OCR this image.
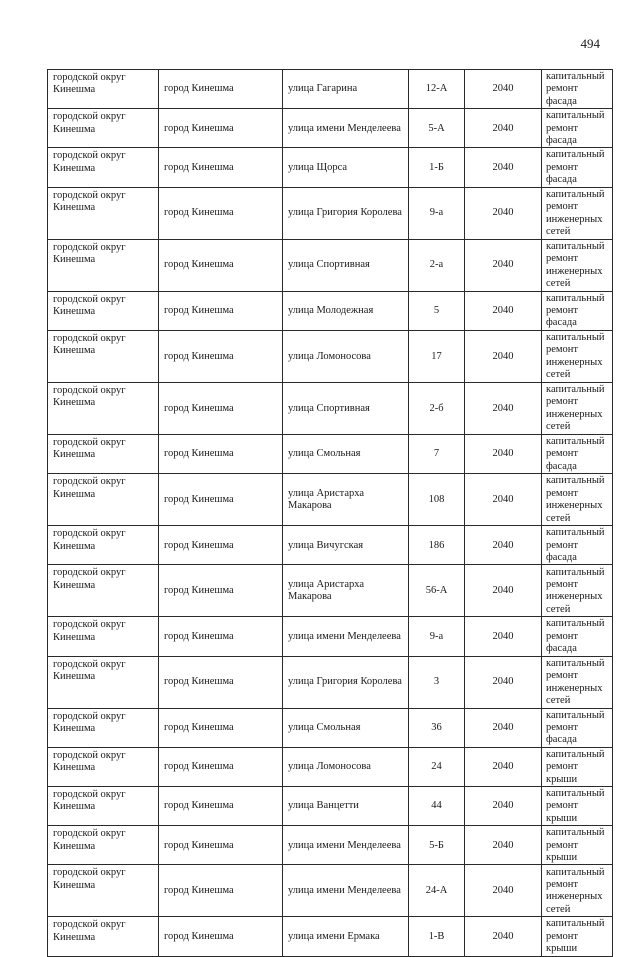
494
городской округ Кинешма	город Кинешма	улица Гагарина	12-А	2040	капитальный ремонт фасада
городской округ Кинешма	город Кинешма	улица имени Менделеева	5-А	2040	капитальный ремонт фасада
городской округ Кинешма	город Кинешма	улица Щорса	1-Б	2040	капитальный ремонт фасада
городской округ Кинешма	город Кинешма	улица Григория Королева	9-а	2040	капитальный ремонт инженерных сетей
городской округ Кинешма	город Кинешма	улица Спортивная	2-а	2040	капитальный ремонт инженерных сетей
городской округ Кинешма	город Кинешма	улица Молодежная	5	2040	капитальный ремонт фасада
городской округ Кинешма	город Кинешма	улица Ломоносова	17	2040	капитальный ремонт инженерных сетей
городской округ Кинешма	город Кинешма	улица Спортивная	2-б	2040	капитальный ремонт инженерных сетей
городской округ Кинешма	город Кинешма	улица Смольная	7	2040	капитальный ремонт фасада
городской округ Кинешма	город Кинешма	улица Аристарха Макарова	108	2040	капитальный ремонт инженерных сетей
городской округ Кинешма	город Кинешма	улица Вичугская	186	2040	капитальный ремонт фасада
городской округ Кинешма	город Кинешма	улица Аристарха Макарова	56-А	2040	капитальный ремонт инженерных сетей
городской округ Кинешма	город Кинешма	улица имени Менделеева	9-а	2040	капитальный ремонт фасада
городской округ Кинешма	город Кинешма	улица Григория Королева	3	2040	капитальный ремонт инженерных сетей
городской округ Кинешма	город Кинешма	улица Смольная	36	2040	капитальный ремонт фасада
городской округ Кинешма	город Кинешма	улица Ломоносова	24	2040	капитальный ремонт крыши
городской округ Кинешма	город Кинешма	улица Ванцетти	44	2040	капитальный ремонт крыши
городской округ Кинешма	город Кинешма	улица имени Менделеева	5-Б	2040	капитальный ремонт крыши
городской округ Кинешма	город Кинешма	улица имени Менделеева	24-А	2040	капитальный ремонт инженерных сетей
городской округ Кинешма	город Кинешма	улица имени Ермака	1-В	2040	капитальный ремонт крыши
